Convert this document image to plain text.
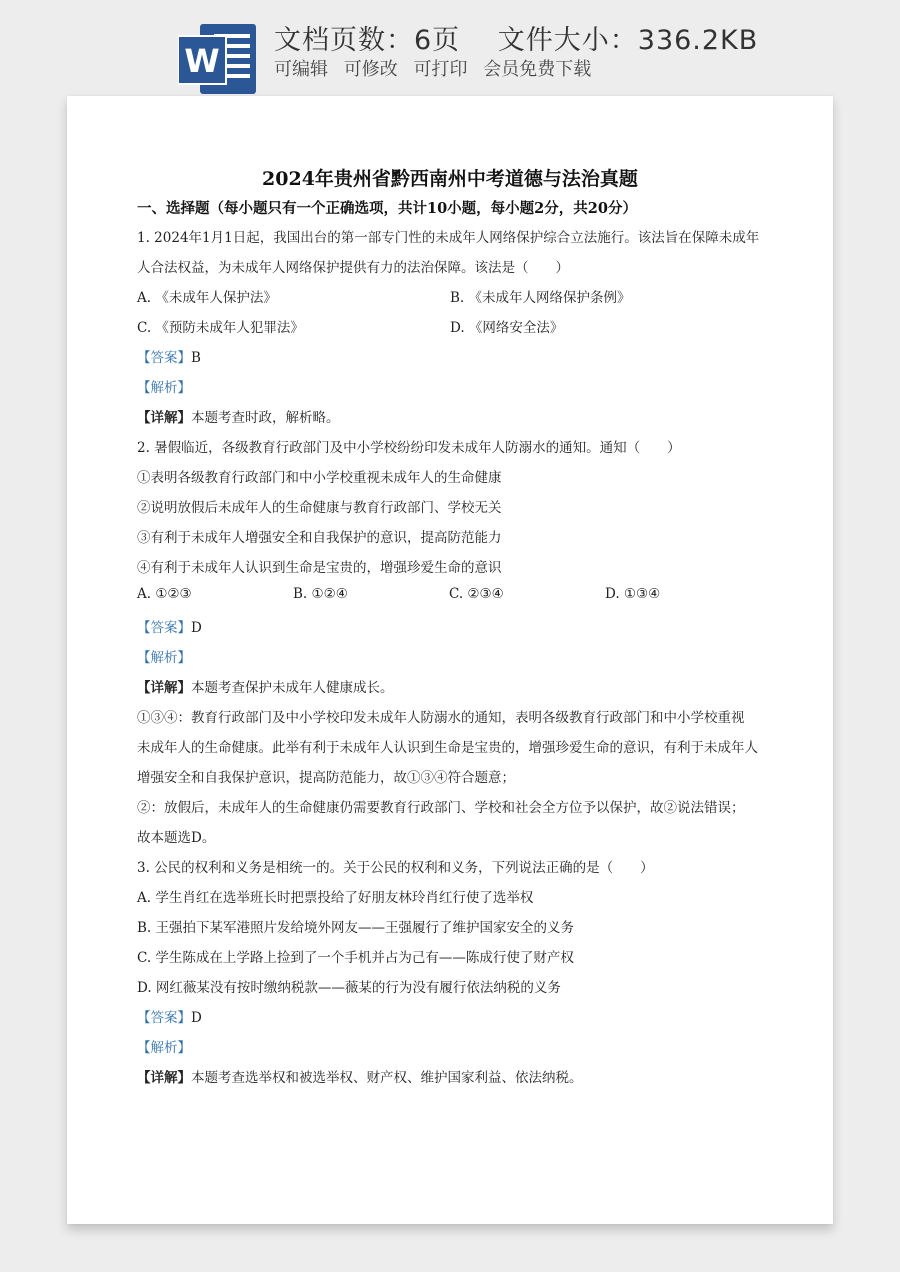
W
文档页数：6页　 文件大小：336.2KB
可编辑 可修改 可打印 会员免费下载
2024年贵州省黔西南州中考道德与法治真题
一、选择题（每小题只有一个正确选项，共计10小题，每小题2分，共20分）
1. 2024年1月1日起，我国出台的第一部专门性的未成年人网络保护综合立法施行。该法旨在保障未成年
人合法权益，为未成年人网络保护提供有力的法治保障。该法是（　　）
A. 《未成年人保护法》	B. 《未成年人网络保护条例》
C. 《预防未成年人犯罪法》	D. 《网络安全法》
【答案】B
【解析】
【详解】本题考查时政，解析略。
2. 暑假临近，各级教育行政部门及中小学校纷纷印发未成年人防溺水的通知。通知（　　）
①表明各级教育行政部门和中小学校重视未成年人的生命健康
②说明放假后未成年人的生命健康与教育行政部门、学校无关
③有利于未成年人增强安全和自我保护的意识，提高防范能力
④有利于未成年人认识到生命是宝贵的，增强珍爱生命的意识
A. ①②③	B. ①②④	C. ②③④	D. ①③④
【答案】D
【解析】
【详解】本题考查保护未成年人健康成长。
①③④：教育行政部门及中小学校印发未成年人防溺水的通知，表明各级教育行政部门和中小学校重视
未成年人的生命健康。此举有利于未成年人认识到生命是宝贵的，增强珍爱生命的意识，有利于未成年人
增强安全和自我保护意识，提高防范能力，故①③④符合题意；
②：放假后，未成年人的生命健康仍需要教育行政部门、学校和社会全方位予以保护，故②说法错误；
故本题选D。
3. 公民的权利和义务是相统一的。关于公民的权利和义务，下列说法正确的是（　　）
A. 学生肖红在选举班长时把票投给了好朋友林玲肖红行使了选举权
B. 王强拍下某军港照片发给境外网友——王强履行了维护国家安全的义务
C. 学生陈成在上学路上捡到了一个手机并占为己有——陈成行使了财产权
D. 网红薇某没有按时缴纳税款——薇某的行为没有履行依法纳税的义务
【答案】D
【解析】
【详解】本题考查选举权和被选举权、财产权、维护国家利益、依法纳税。
